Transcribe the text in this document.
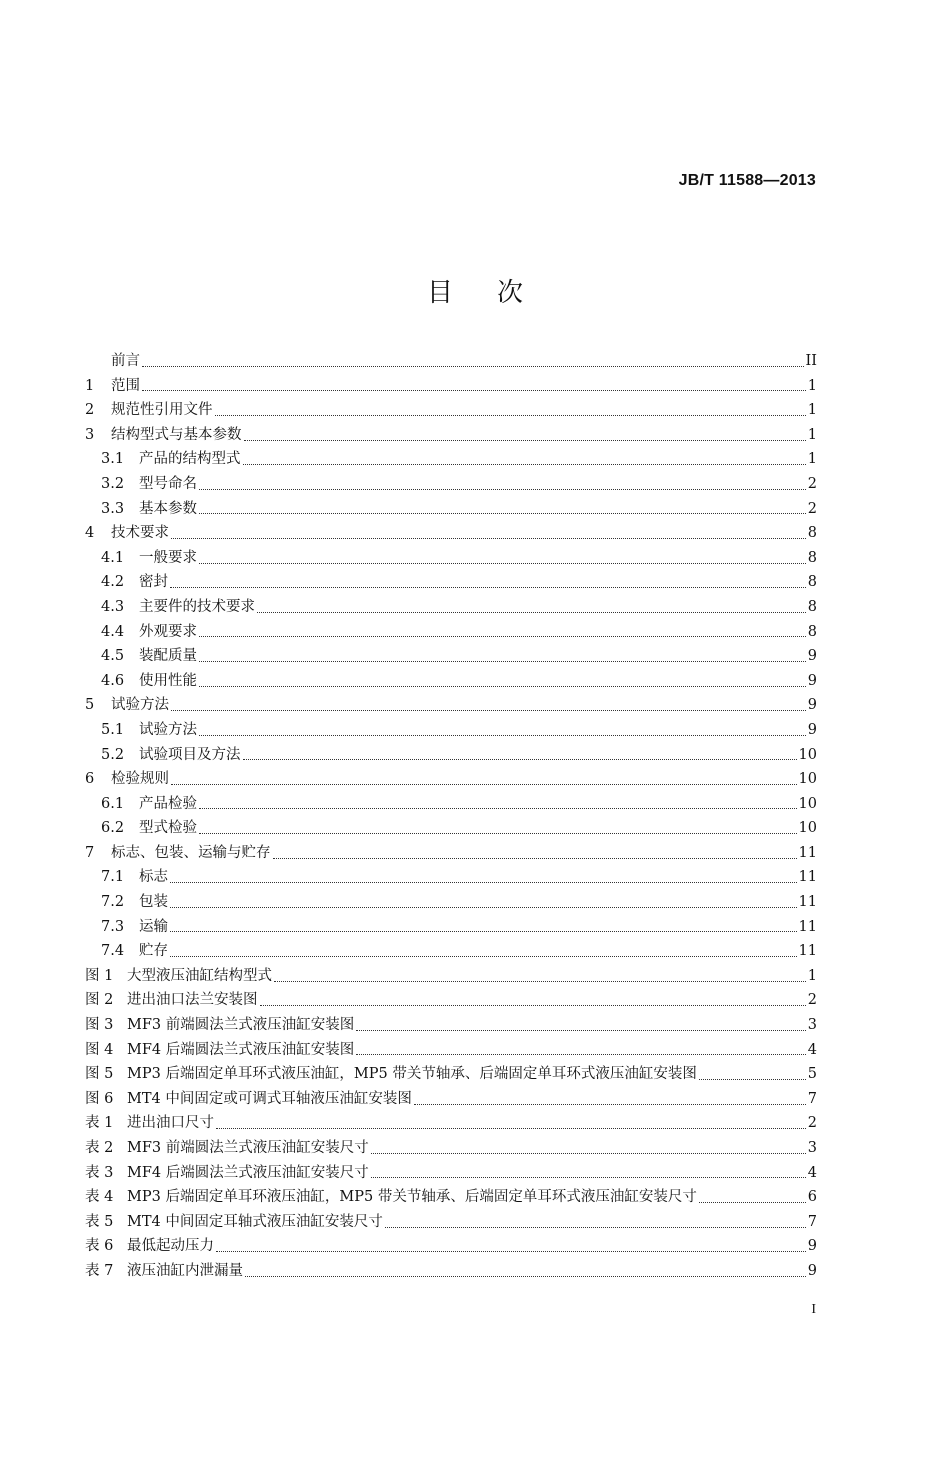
JB/T 11588—2013
目次
前言	II
1	范围	1
2	规范性引用文件	1
3	结构型式与基本参数	1
3.1	产品的结构型式	1
3.2	型号命名	2
3.3	基本参数	2
4	技术要求	8
4.1	一般要求	8
4.2	密封	8
4.3	主要件的技术要求	8
4.4	外观要求	8
4.5	装配质量	9
4.6	使用性能	9
5	试验方法	9
5.1	试验方法	9
5.2	试验项目及方法	10
6	检验规则	10
6.1	产品检验	10
6.2	型式检验	10
7	标志、包装、运输与贮存	11
7.1	标志	11
7.2	包装	11
7.3	运输	11
7.4	贮存	11
图 1 大型液压油缸结构型式	1
图 2 进出油口法兰安装图	2
图 3 MF3 前端圆法兰式液压油缸安装图	3
图 4 MF4 后端圆法兰式液压油缸安装图	4
图 5 MP3 后端固定单耳环式液压油缸，MP5 带关节轴承、后端固定单耳环式液压油缸安装图	5
图 6 MT4 中间固定或可调式耳轴液压油缸安装图	7
表 1 进出油口尺寸	2
表 2 MF3 前端圆法兰式液压油缸安装尺寸	3
表 3 MF4 后端圆法兰式液压油缸安装尺寸	4
表 4 MP3 后端固定单耳环液压油缸，MP5 带关节轴承、后端固定单耳环式液压油缸安装尺寸	6
表 5 MT4 中间固定耳轴式液压油缸安装尺寸	7
表 6 最低起动压力	9
表 7 液压油缸内泄漏量	9
I
